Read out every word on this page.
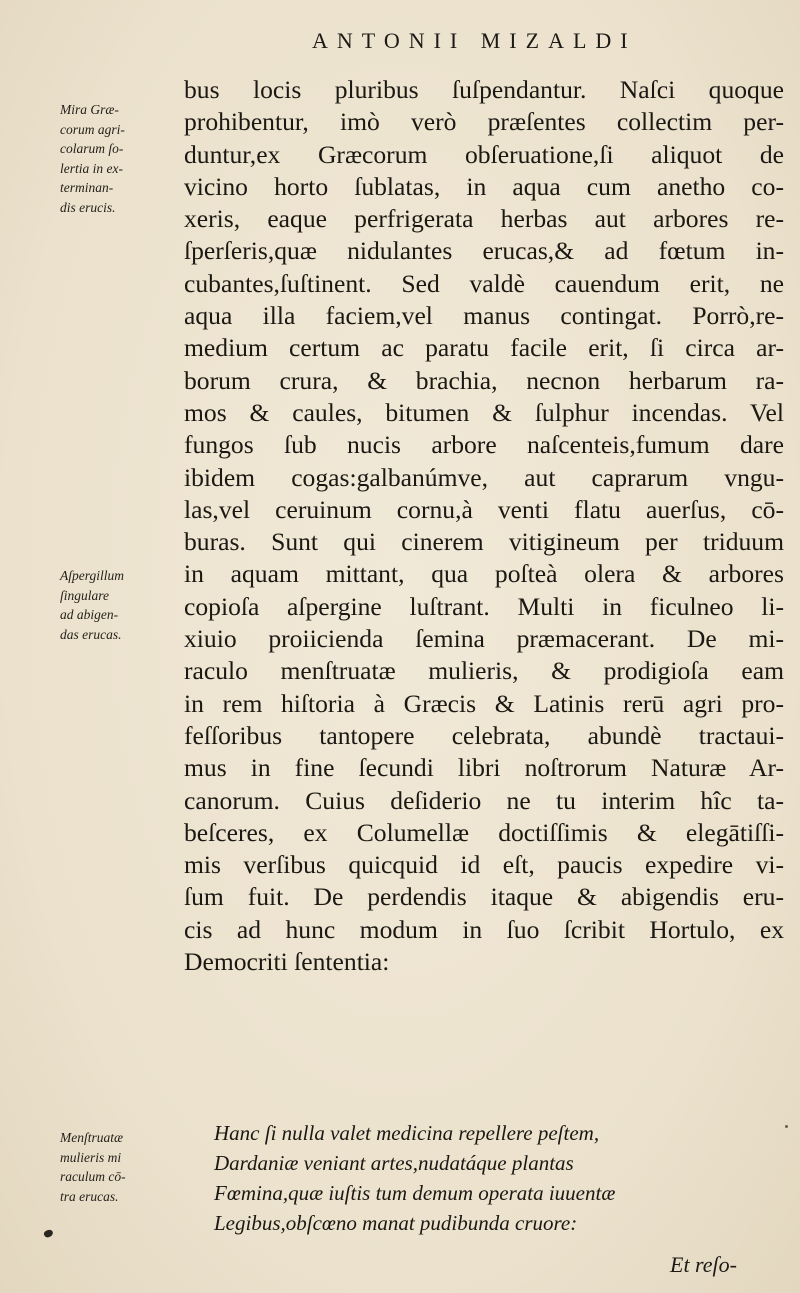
ANTONII MIZALDI
Mira Græ-
corum agri-
colarum ſo-
lertia in ex-
terminan-
dis erucis.
Aſpergillum
ſingulare
ad abigen-
das erucas.
Menſtruatæ
mulieris mi
raculum cō-
tra erucas.
bus locis pluribus ſuſpendantur. Naſci quoque
prohibentur, imò verò præſentes collectim per-
duntur,ex Græcorum obſeruatione,ſi aliquot de
vicino horto ſublatas, in aqua cum anetho co-
xeris, eaque perfrigerata herbas aut arbores re-
ſperſeris,quæ nidulantes erucas,& ad fœtum in-
cubantes,ſuſtinent. Sed valdè cauendum erit, ne
aqua illa faciem,vel manus contingat. Porrò,re-
medium certum ac paratu facile erit, ſi circa ar-
borum crura, & brachia, necnon herbarum ra-
mos & caules, bitumen & ſulphur incendas. Vel
fungos ſub nucis arbore naſcenteis,fumum dare
ibidem cogas:galbanúmve, aut caprarum vngu-
las,vel ceruinum cornu,à venti flatu auerſus, cō-
buras. Sunt qui cinerem vitigineum per triduum
in aquam mittant, qua poſteà olera & arbores
copioſa aſpergine luſtrant. Multi in ficulneo li-
xiuio proiicienda ſemina præmacerant. De mi-
raculo menſtruatæ mulieris, & prodigioſa eam
in rem hiſtoria à Græcis & Latinis rerū agri pro-
feſſoribus tantopere celebrata, abundè tractaui-
mus in fine ſecundi libri noſtrorum Naturæ Ar-
canorum. Cuius deſiderio ne tu interim hîc ta-
beſceres, ex Columellæ doctiſſimis & elegātiſſi-
mis verſibus quicquid id eſt, paucis expedire vi-
ſum fuit. De perdendis itaque & abigendis eru-
cis ad hunc modum in ſuo ſcribit Hortulo, ex
Democriti ſententia:
Hanc ſi nulla valet medicina repellere peſtem,
Dardaniæ veniant artes,nudatáque plantas
Fœmina,quæ iuſtis tum demum operata iuuentæ
Legibus,obſcœno manat pudibunda cruore:
Et reſo-
